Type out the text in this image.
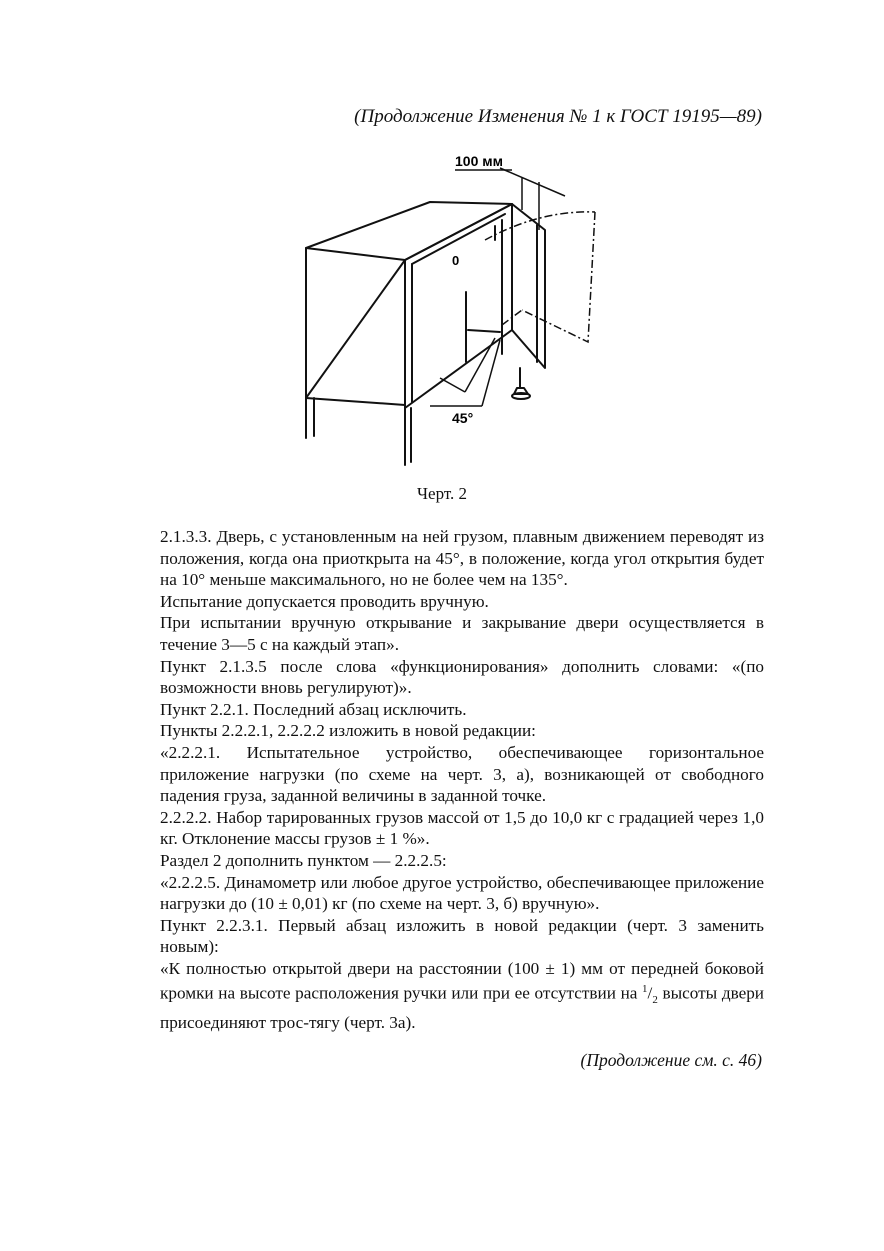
(Продолжение Изменения № 1 к ГОСТ 19195—89)
100 мм
0
45°
Черт. 2

2.1.3.3. Дверь, с установленным на ней грузом, плавным движением переводят из положения, когда она приоткрыта на 45°, в положение, когда угол открытия будет на 10° меньше максимального, но не более чем на 135°.

Испытание допускается проводить вручную.

При испытании вручную открывание и закрывание двери осуществляется в течение 3—5 с на каждый этап».

Пункт 2.1.3.5 после слова «функционирования» дополнить словами: «(по возможности вновь регулируют)».

Пункт 2.2.1. Последний абзац исключить.

Пункты 2.2.2.1, 2.2.2.2 изложить в новой редакции:

«2.2.2.1. Испытательное устройство, обеспечивающее горизонтальное приложение нагрузки (по схеме на черт. 3, а), возникающей от свободного падения груза, заданной величины в заданной точке.

2.2.2.2. Набор тарированных грузов массой от 1,5 до 10,0 кг с градацией через 1,0 кг. Отклонение массы грузов ± 1 %».

Раздел 2 дополнить пунктом — 2.2.2.5:

«2.2.2.5. Динамометр или любое другое устройство, обеспечивающее приложение нагрузки до (10 ± 0,01) кг (по схеме на черт. 3, б) вручную».

Пункт 2.2.3.1. Первый абзац изложить в новой редакции (черт. 3 заменить новым):

«К полностью открытой двери на расстоянии (100 ± 1) мм от передней боковой кромки на высоте расположения ручки или при ее отсутствии на $^1/_2$ высоты двери присоединяют трос-тягу (черт. 3а).

(Продолжение см. с. 46)
